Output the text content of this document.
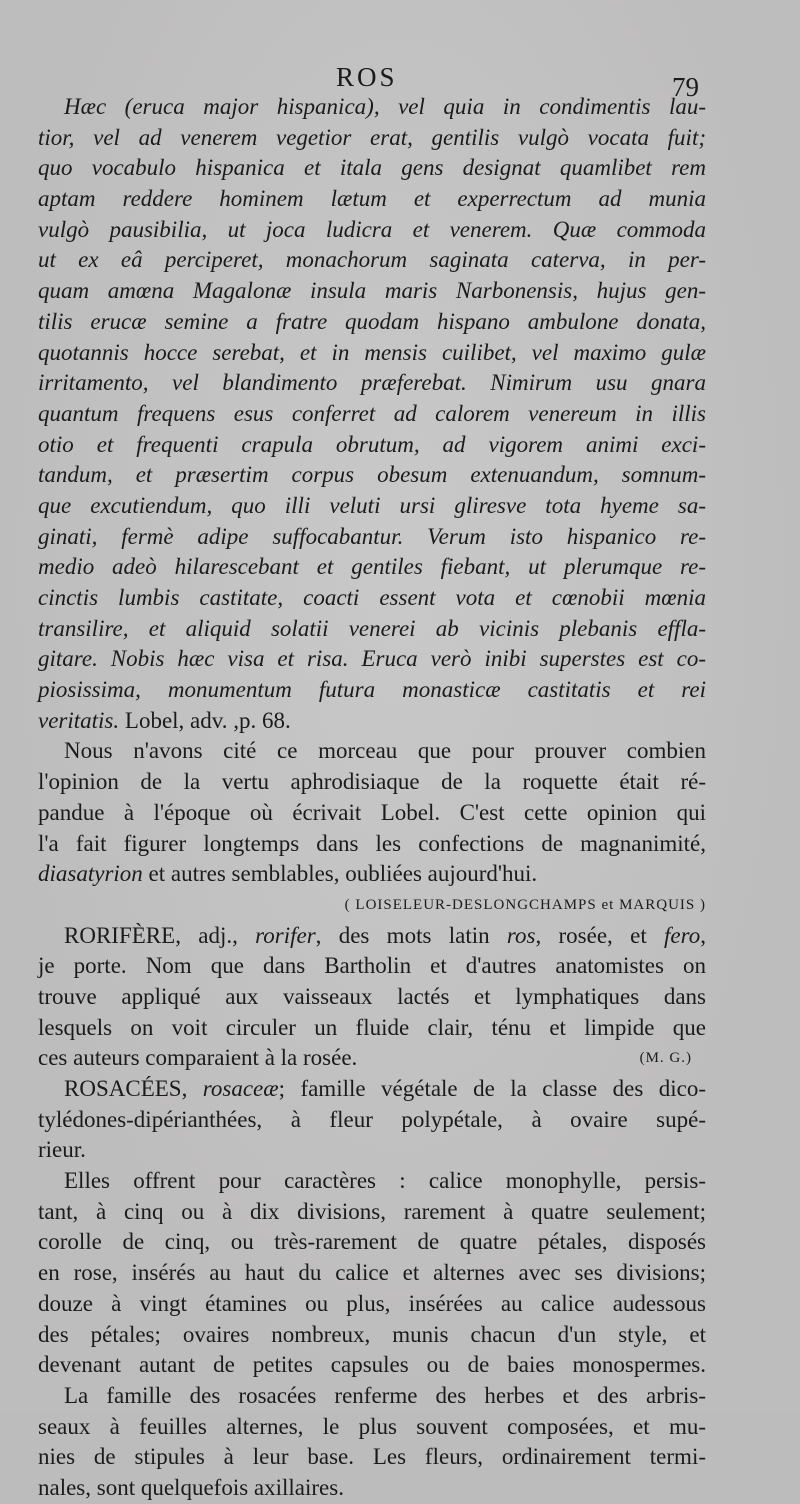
ROS	79
Hæc (eruca major hispanica), vel quia in condimentis lau-
tior, vel ad venerem vegetior erat, gentilis vulgò vocata fuit;
quo vocabulo hispanica et itala gens designat quamlibet rem
aptam reddere hominem lætum et experrectum ad munia
vulgò pausibilia, ut joca ludicra et venerem. Quæ commoda
ut ex eâ perciperet, monachorum saginata caterva, in per-
quam amœna Magalonæ insula maris Narbonensis, hujus gen-
tilis erucæ semine a fratre quodam hispano ambulone donata,
quotannis hocce serebat, et in mensis cuilibet, vel maximo gulæ
irritamento, vel blandimento præferebat. Nimirum usu gnara
quantum frequens esus conferret ad calorem venereum in illis
otio et frequenti crapula obrutum, ad vigorem animi exci-
tandum, et præsertim corpus obesum extenuandum, somnum-
que excutiendum, quo illi veluti ursi gliresve tota hyeme sa-
ginati, fermè adipe suffocabantur. Verum isto hispanico re-
medio adeò hilarescebant et gentiles fiebant, ut plerumque re-
cinctis lumbis castitate, coacti essent vota et cœnobii mœnia
transilire, et aliquid solatii venerei ab vicinis plebanis effla-
gitare. Nobis hæc visa et risa. Eruca verò inibi superstes est co-
piosissima, monumentum futura monasticæ castitatis et rei
veritatis. Lobel, adv. ,p. 68.
Nous n'avons cité ce morceau que pour prouver combien
l'opinion de la vertu aphrodisiaque de la roquette était ré-
pandue à l'époque où écrivait Lobel. C'est cette opinion qui
l'a fait figurer longtemps dans les confections de magnanimité,
diasatyrion et autres semblables, oubliées aujourd'hui.
( LOISELEUR-DESLONGCHAMPS et MARQUIS )
RORIFÈRE, adj., rorifer, des mots latin ros, rosée, et fero,
je porte. Nom que dans Bartholin et d'autres anatomistes on
trouve appliqué aux vaisseaux lactés et lymphatiques dans
lesquels on voit circuler un fluide clair, ténu et limpide que
ces auteurs comparaient à la rosée.	(M. G.)
ROSACÉES, rosaceæ; famille végétale de la classe des dico-
tylédones-dipérianthées, à fleur polypétale, à ovaire supé-
rieur.
Elles offrent pour caractères : calice monophylle, persis-
tant, à cinq ou à dix divisions, rarement à quatre seulement;
corolle de cinq, ou très-rarement de quatre pétales, disposés
en rose, insérés au haut du calice et alternes avec ses divisions;
douze à vingt étamines ou plus, insérées au calice audessous
des pétales; ovaires nombreux, munis chacun d'un style, et
devenant autant de petites capsules ou de baies monospermes.
La famille des rosacées renferme des herbes et des arbris-
seaux à feuilles alternes, le plus souvent composées, et mu-
nies de stipules à leur base. Les fleurs, ordinairement termi-
nales, sont quelquefois axillaires.
